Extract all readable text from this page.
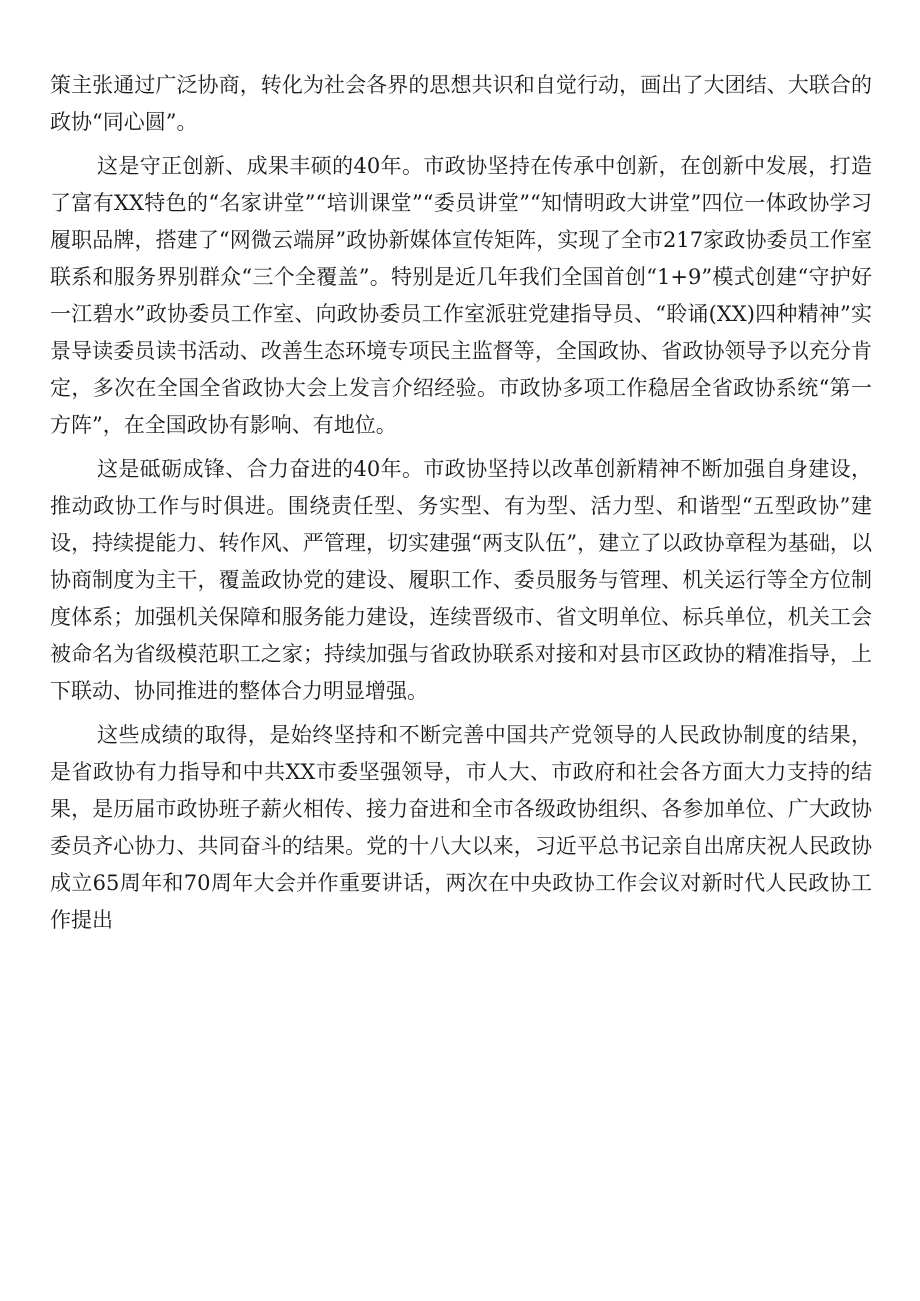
策主张通过广泛协商，转化为社会各界的思想共识和自觉行动，画出了大团结、大联合的政协“同心圆”。

这是守正创新、成果丰硕的40年。市政协坚持在传承中创新，在创新中发展，打造了富有XX特色的“名家讲堂”“培训课堂”“委员讲堂”“知情明政大讲堂”四位一体政协学习履职品牌，搭建了“网微云端屏”政协新媒体宣传矩阵，实现了全市217家政协委员工作室联系和服务界别群众“三个全覆盖”。特别是近几年我们全国首创“1+9”模式创建“守护好一江碧水”政协委员工作室、向政协委员工作室派驻党建指导员、“聆诵(XX)四种精神”实景导读委员读书活动、改善生态环境专项民主监督等，全国政协、省政协领导予以充分肯定，多次在全国全省政协大会上发言介绍经验。市政协多项工作稳居全省政协系统“第一方阵”，在全国政协有影响、有地位。

这是砥砺成锋、合力奋进的40年。市政协坚持以改革创新精神不断加强自身建设，推动政协工作与时俱进。围绕责任型、务实型、有为型、活力型、和谐型“五型政协”建设，持续提能力、转作风、严管理，切实建强“两支队伍”，建立了以政协章程为基础，以协商制度为主干，覆盖政协党的建设、履职工作、委员服务与管理、机关运行等全方位制度体系；加强机关保障和服务能力建设，连续晋级市、省文明单位、标兵单位，机关工会被命名为省级模范职工之家；持续加强与省政协联系对接和对县市区政协的精准指导，上下联动、协同推进的整体合力明显增强。

这些成绩的取得，是始终坚持和不断完善中国共产党领导的人民政协制度的结果，是省政协有力指导和中共XX市委坚强领导，市人大、市政府和社会各方面大力支持的结果，是历届市政协班子薪火相传、接力奋进和全市各级政协组织、各参加单位、广大政协委员齐心协力、共同奋斗的结果。党的十八大以来，习近平总书记亲自出席庆祝人民政协成立65周年和70周年大会并作重要讲话，两次在中央政协工作会议对新时代人民政协工作提出
